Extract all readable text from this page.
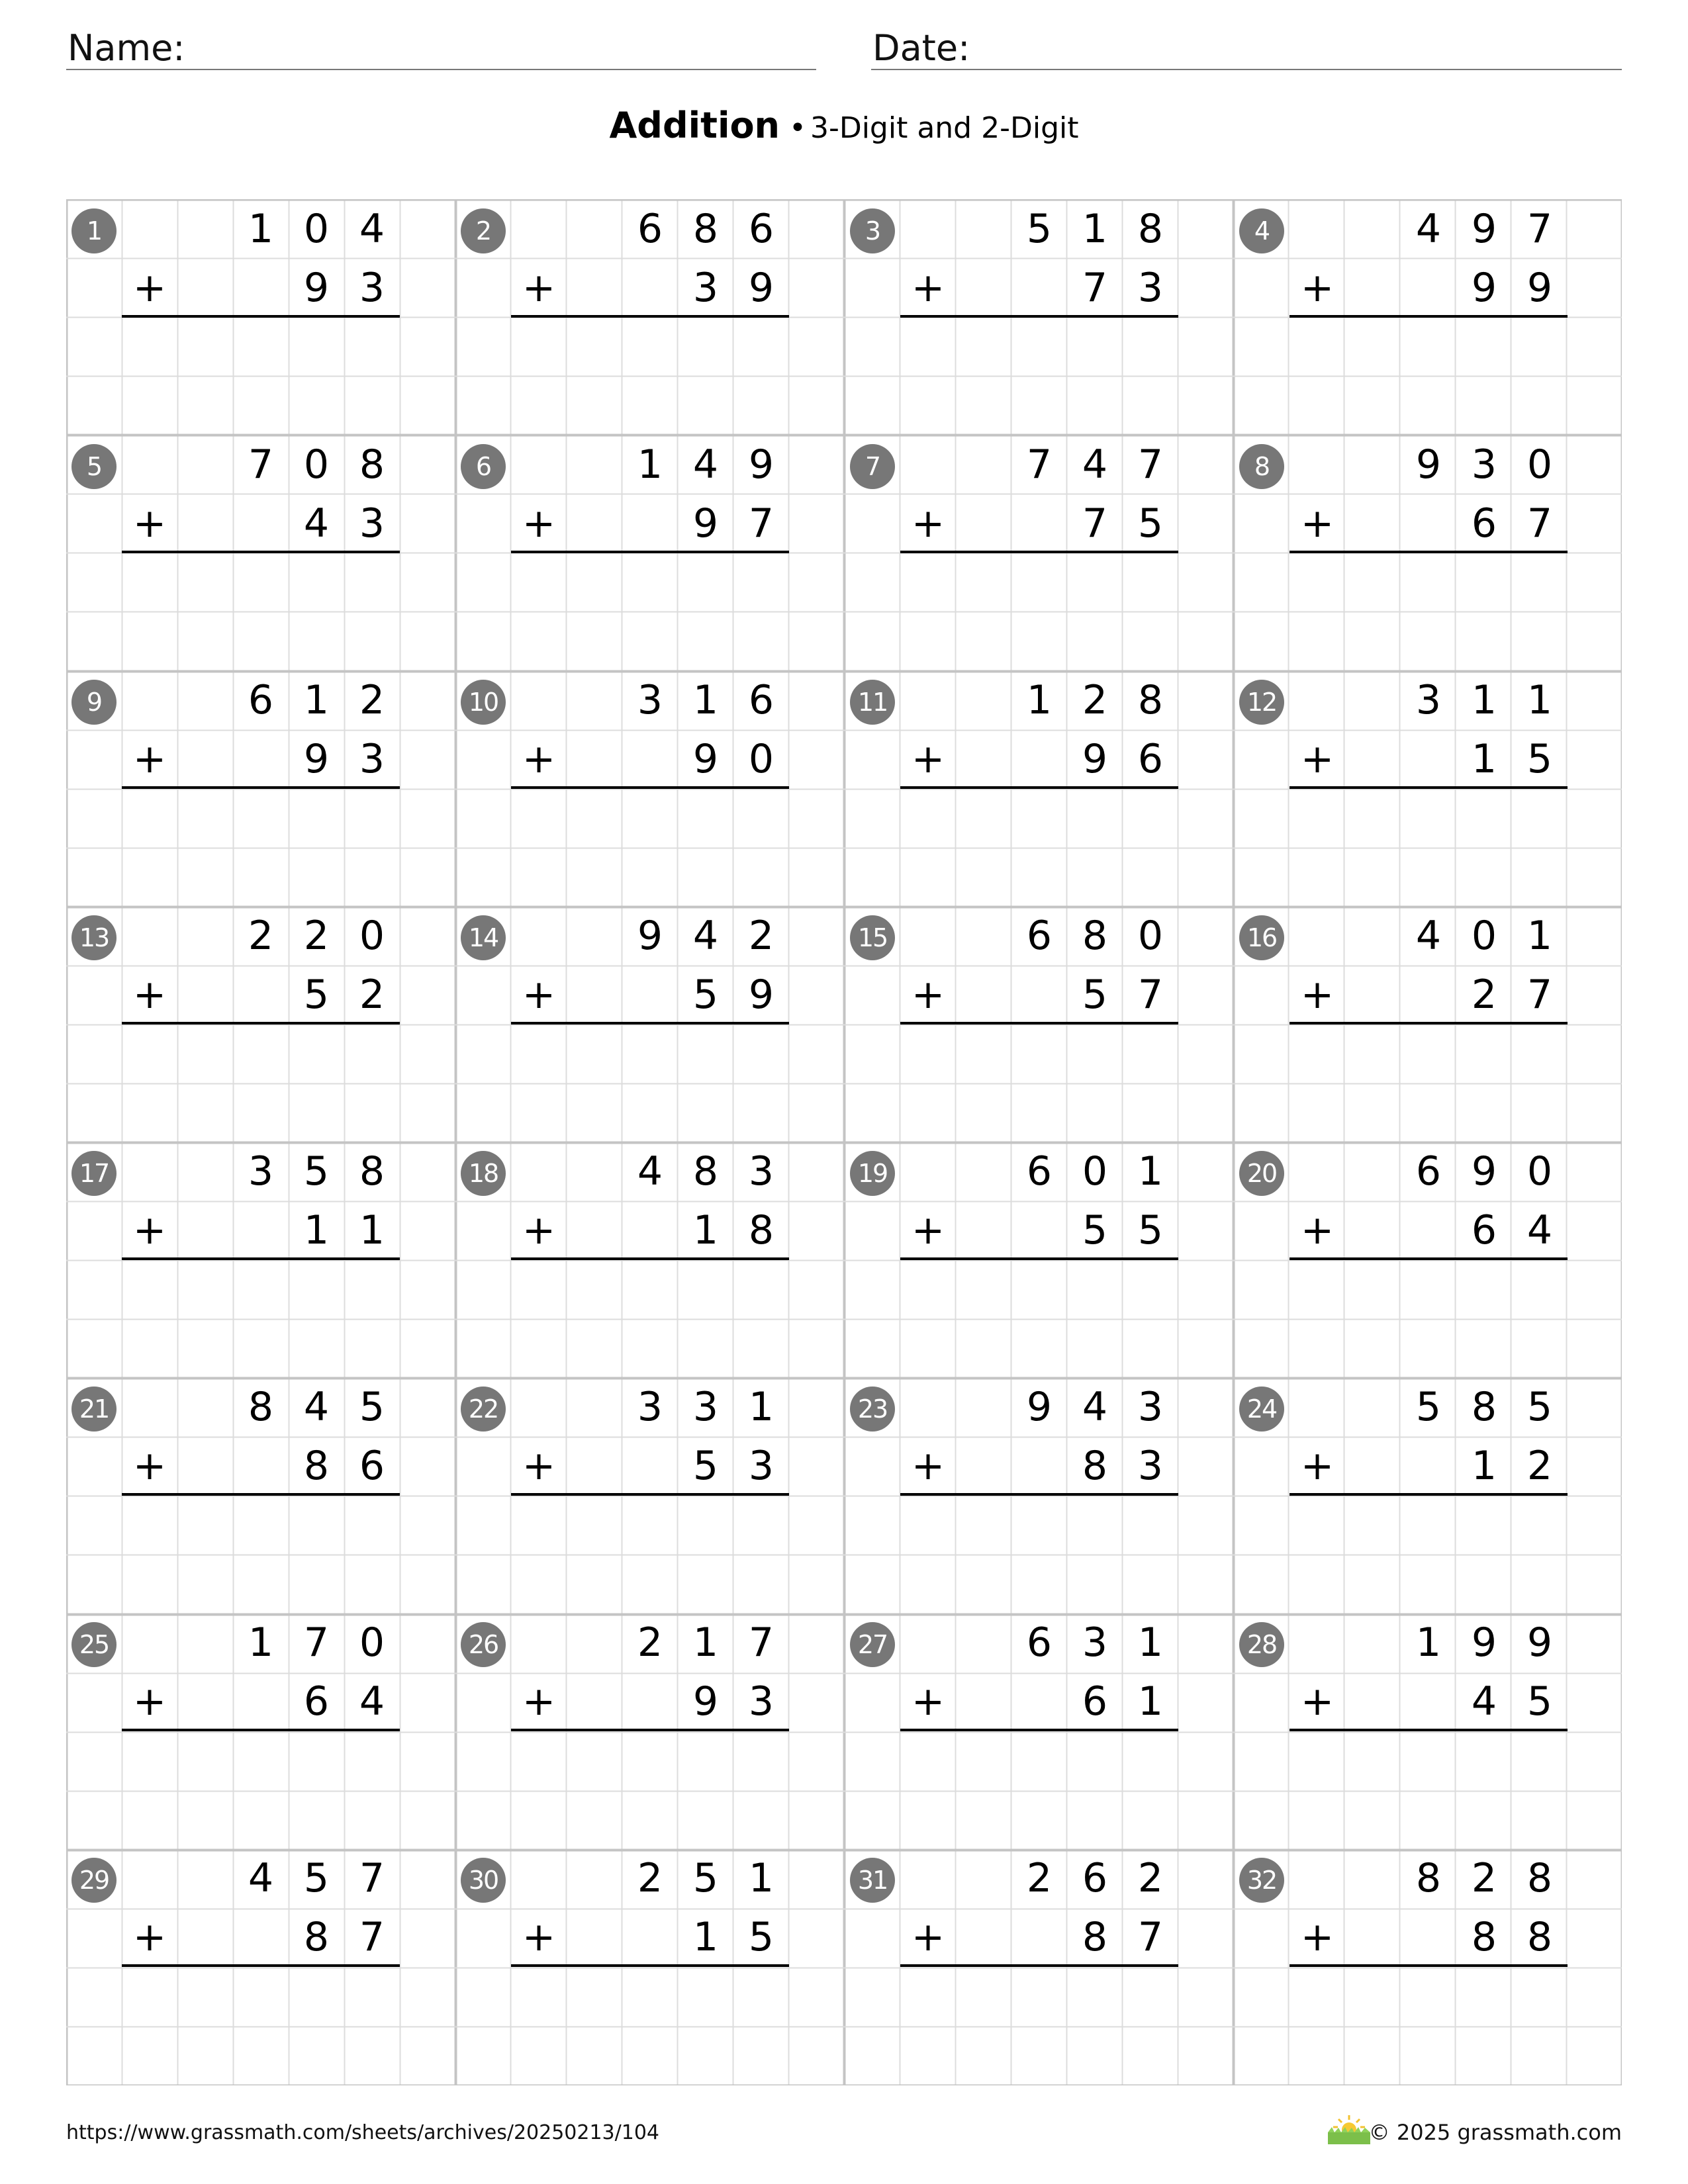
Name:	Date:
Addition • 3-Digit and 2-Digit
1	1 0 4
+	9 3
2	6 8 6
+	3 9
3	5 1 8
+	7 3
4	4 9 7
+	9 9
5	7 0 8
+	4 3
6	1 4 9
+	9 7
7	7 4 7
+	7 5
8	9 3 0
+	6 7
9	6 1 2
+	9 3
10	3 1 6
+	9 0
11	1 2 8
+	9 6
12	3 1 1
+	1 5
13	2 2 0
+	5 2
14	9 4 2
+	5 9
15	6 8 0
+	5 7
16	4 0 1
+	2 7
17	3 5 8
+	1 1
18	4 8 3
+	1 8
19	6 0 1
+	5 5
20	6 9 0
+	6 4
21	8 4 5
+	8 6
22	3 3 1
+	5 3
23	9 4 3
+	8 3
24	5 8 5
+	1 2
25	1 7 0
+	6 4
26	2 1 7
+	9 3
27	6 3 1
+	6 1
28	1 9 9
+	4 5
29	4 5 7
+	8 7
30	2 5 1
+	1 5
31	2 6 2
+	8 7
32	8 2 8
+	8 8
https://www.grassmath.com/sheets/archives/20250213/104	© 2025 grassmath.com
